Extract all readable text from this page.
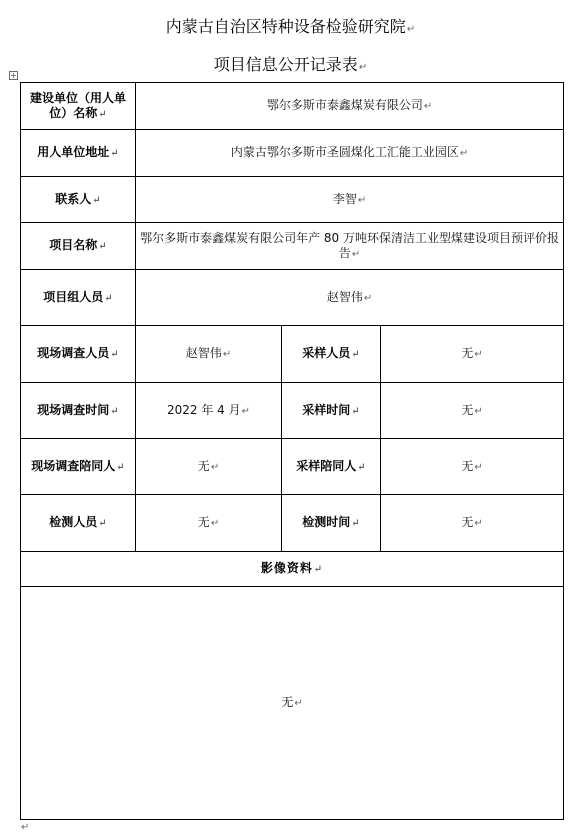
内蒙古自治区特种设备检验研究院↵
项目信息公开记录表↵
+
建设单位（用人单位）名称↵	鄂尔多斯市泰鑫煤炭有限公司↵		
用人单位地址↵	内蒙古鄂尔多斯市圣圆煤化工汇能工业园区↵		
联系人↵	李智↵		
项目名称↵	鄂尔多斯市泰鑫煤炭有限公司年产 80 万吨环保清洁工业型煤建设项目预评价报告↵		
项目组人员↵	赵智伟↵		
现场调查人员↵	赵智伟↵	采样人员↵	无↵
现场调查时间↵	2022 年 4 月↵	采样时间↵	无↵
现场调查陪同人↵	无↵	采样陪同人↵	无↵
检测人员↵	无↵	检测时间↵	无↵
影像资料↵			
无↵			
↵
